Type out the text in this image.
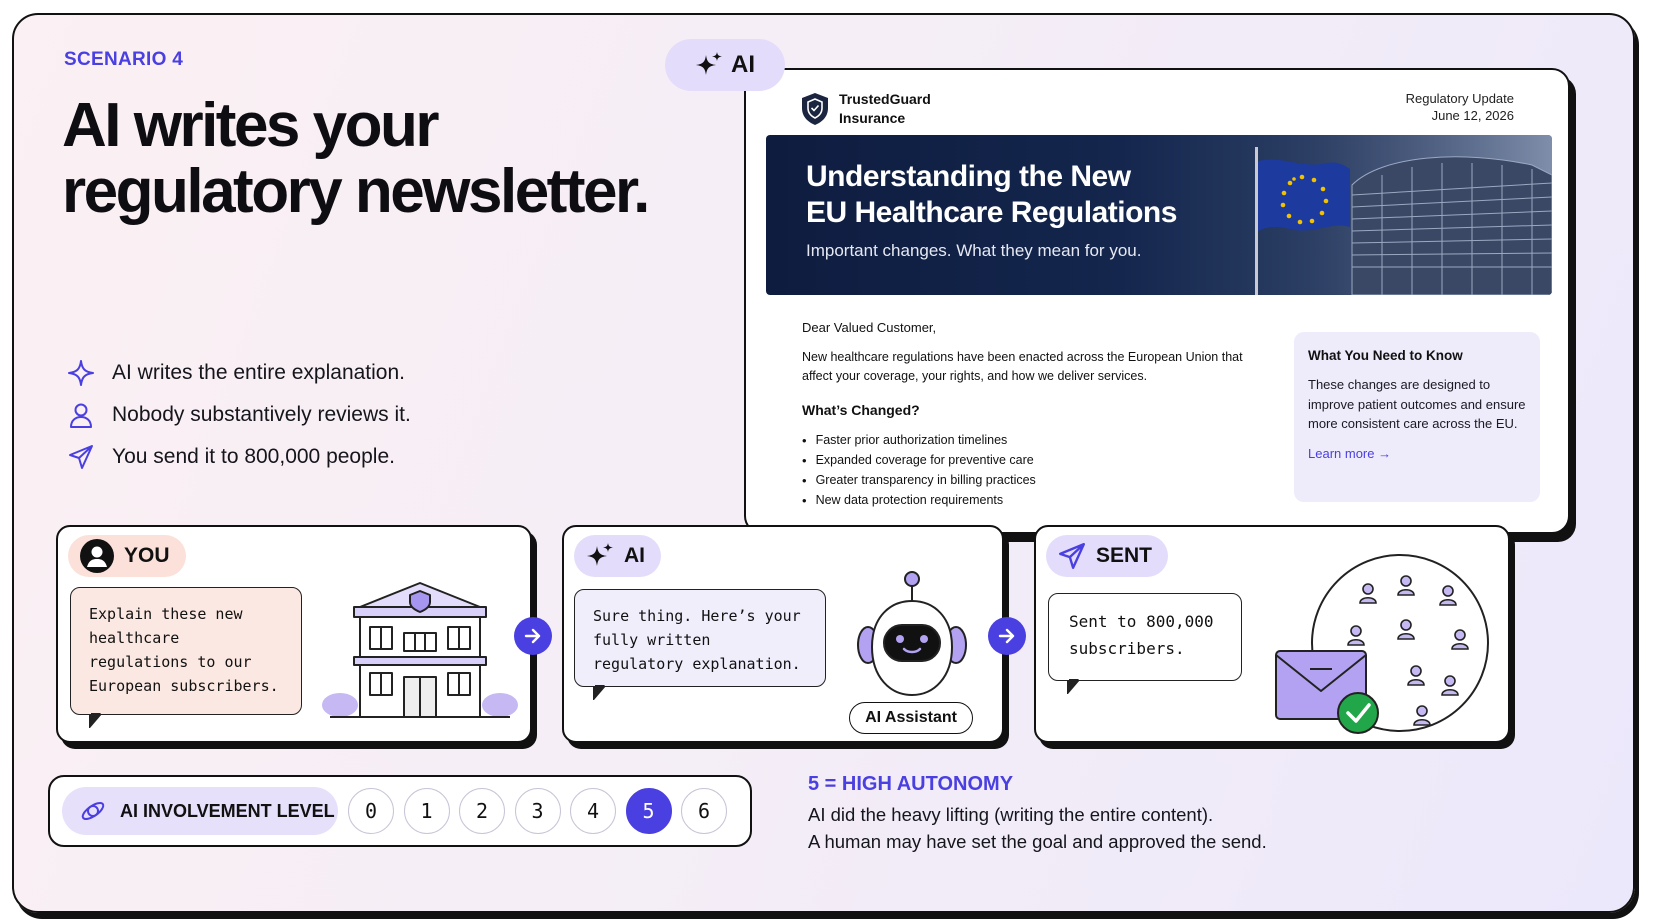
SCENARIO 4
AI writes your
regulatory newsletter.
AI writes the entire explanation.
Nobody substantively reviews it.
You send it to 800,000 people.
AI
TrustedGuard
Insurance
Regulatory Update
June 12, 2026
Understanding the New
EU Healthcare Regulations
Important changes. What they mean for you.
Dear Valued Customer,
New healthcare regulations have been enacted across the European Union that affect your coverage, your rights, and how we deliver services.
What’s Changed?
• Faster prior authorization timelines
• Expanded coverage for preventive care
• Greater transparency in billing practices
• New data protection requirements
What You Need to Know
These changes are designed to improve patient outcomes and ensure more consistent care across the EU.
Learn more →
YOU
Explain these new healthcare regulations to our European subscribers.
AI
Sure thing. Here’s your fully written regulatory explanation.
AI Assistant
SENT
Sent to 800,000 subscribers.
AI INVOLVEMENT LEVEL	0	1	2	3	4	5	6
5 = HIGH AUTONOMY
AI did the heavy lifting (writing the entire content).
A human may have set the goal and approved the send.
